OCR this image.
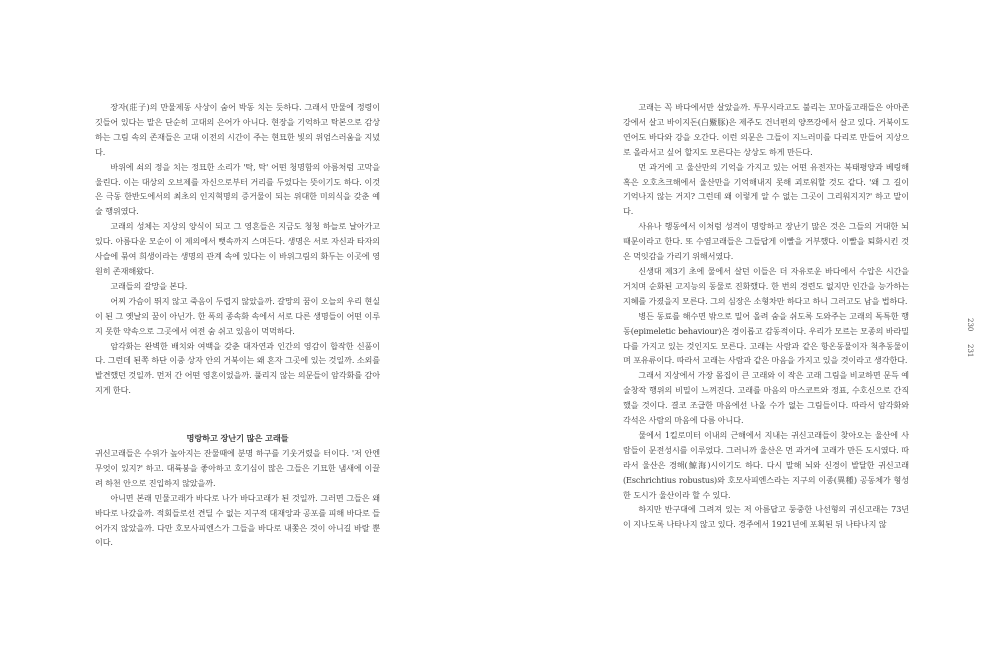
장자(莊子)의 만물제동 사상이 숨어 박동 치는 듯하다. 그래서 만물에 정령이 깃들어 있다는 말은 단순히 고대의 은어가 아니다. 현장을 기억하고 탁본으로 감상하는 그림 속의 존재들은 고대 이전의 시간이 주는 현묘한 빛의 위엄스러움을 지녔다.

바위에 쇠의 정을 치는 정묘한 소리가 '탁, 탁' 어떤 청명함의 아름처럼 고막을 울린다. 이는 대상의 오브제를 자신으로부터 거리를 두었다는 뜻이기도 하다. 이것은 극동 한반도에서의 최초의 인지혁명의 증거물이 되는 위대한 미의식을 갖춘 예술 행위였다.

고래의 성체는 지상의 양식이 되고 그 영혼들은 지금도 청청 하늘로 날아가고 있다. 아름다운 모순이 이 제의에서 뻣속까지 스며든다. 생명은 서로 자신과 타자의 사슬에 묶여 희생이라는 생명의 관계 속에 있다는 이 바위그림의 화두는 이곳에 영원히 존재해왔다.

고래들의 갈망을 본다.

어찌 가슴이 뛰지 않고 죽음이 두렵지 않았을까. 갈망의 꿈이 오늘의 우리 현실이 된 그 옛날의 꿈이 아닌가. 한 폭의 종속화 속에서 서로 다른 생명들이 어떤 이루지 못한 약속으로 그곳에서 여전 숨 쉬고 있음이 먹먹하다.

암각화는 완벽한 배치와 여백을 갖춘 대자연과 인간의 영감이 합작한 신품이다. 그런데 된쪽 하단 이중 상자 안의 거북이는 왜 혼자 그곳에 있는 것일까. 소외를 발견했던 것일까. 먼저 간 어떤 영혼이었을까. 풀리지 않는 의문들이 암각화를 감아지게 한다.

명랑하고 장난기 많은 고래들

귀신고래들은 수위가 높아지는 잔물때에 분명 하구를 기웃거렸을 터이다. '저 안엔 무엇이 있지?' 하고. 대륙붕을 좋아하고 호기심이 많은 그들은 기묘한 냄새에 이끌려 하천 안으로 진입하지 않았을까.

아니면 본래 민물고래가 바다로 나가 바다고래가 된 것일까. 그러면 그들은 왜 바다로 나갔을까. 적회들로선 견딜 수 없는 지구적 대재앙과 공포를 피해 바다로 들어가지 않았을까. 다만 호모사피엔스가 그들을 바다로 내쫓은 것이 아니길 바랄 뿐이다.

고래는 꼭 바다에서만 살았을까. 투무시라고도 불리는 꼬마돌고래들은 아마존강에서 살고 바이지돈(白鱀豚)은 제주도 건너편의 양쯔강에서 살고 있다. 거북이도 연어도 바다와 강을 오간다. 이런 의문은 그들이 지느러미를 다리로 만들어 지상으로 올라서고 싶어 할지도 모른다는 상상도 하게 만든다.

먼 과거에 고 울산만의 기억을 가지고 있는 어떤 유전자는 북태평양과 베링해 혹은 오호츠크해에서 울산만을 기억해내지 못해 괴로워할 것도 같다. '왜 그 길이 기억나지 않는 거지? 그런데 왜 이렇게 알 수 없는 그곳이 그리워지지?' 하고 말이다.

사유나 행동에서 이처럼 성격이 명랑하고 장난기 많은 것은 그들의 거대한 뇌 때문이라고 한다. 또 수염고래들은 그들답게 이빨을 거부했다. 이빨을 퇴화시킨 것은 먹잇감을 가리기 위해서였다.

신생대 제3기 초에 물에서 살던 이들은 더 자유로운 바다에서 수압은 시간을 거치며 순화된 고지능의 동물로 진화했다. 한 번의 경련도 없지만 인간을 능가하는 지혜를 가졌을지 모른다. 그의 심장은 소형차만 하다고 하니 그러고도 남을 법하다.

병든 동료를 해수면 밖으로 밀어 올려 숨을 쉬도록 도와주는 고래의 독특한 행동(epimeletic behaviour)은 경이롭고 감동적이다. 우리가 모르는 모종의 바라밀다를 가지고 있는 것인지도 모른다. 고래는 사람과 같은 항온동물이자 척추동물이며 포유류이다. 따라서 고래는 사람과 같은 마음을 가지고 있을 것이라고 생각한다.

그래서 지상에서 가장 몸집이 큰 고래와 이 작은 고래 그림을 비교하면 문득 예술창작 행위의 비밀이 느껴진다. 고래를 마음의 마스코트와 정표, 수호신으로 간직했을 것이다. 결코 조급한 마음에선 나올 수가 없는 그림들이다. 따라서 암각화와 각석은 사람의 마음에 다름 아니다.

물에서 1킬로미터 이내의 근해에서 지내는 귀신고래들이 찾아오는 울산에 사람들이 문전성시를 이루었다. 그러니까 울산은 먼 과거에 고래가 만든 도시였다. 따라서 울산은 경해(鯨海)시이기도 하다. 다시 말해 뇌와 신경이 발달한 귀신고래(Eschrichtius robustus)와 호모사피엔스라는 지구의 이종(異種) 공동체가 형성한 도시가 울산이라 할 수 있다.

하지만 반구대에 그려져 있는 저 아름답고 둥중한 나선형의 귀신고래는 73년이 지나도록 나타나지 않고 있다. 경주에서 1921년에 포획된 뒤 나타나지 않

230
231
